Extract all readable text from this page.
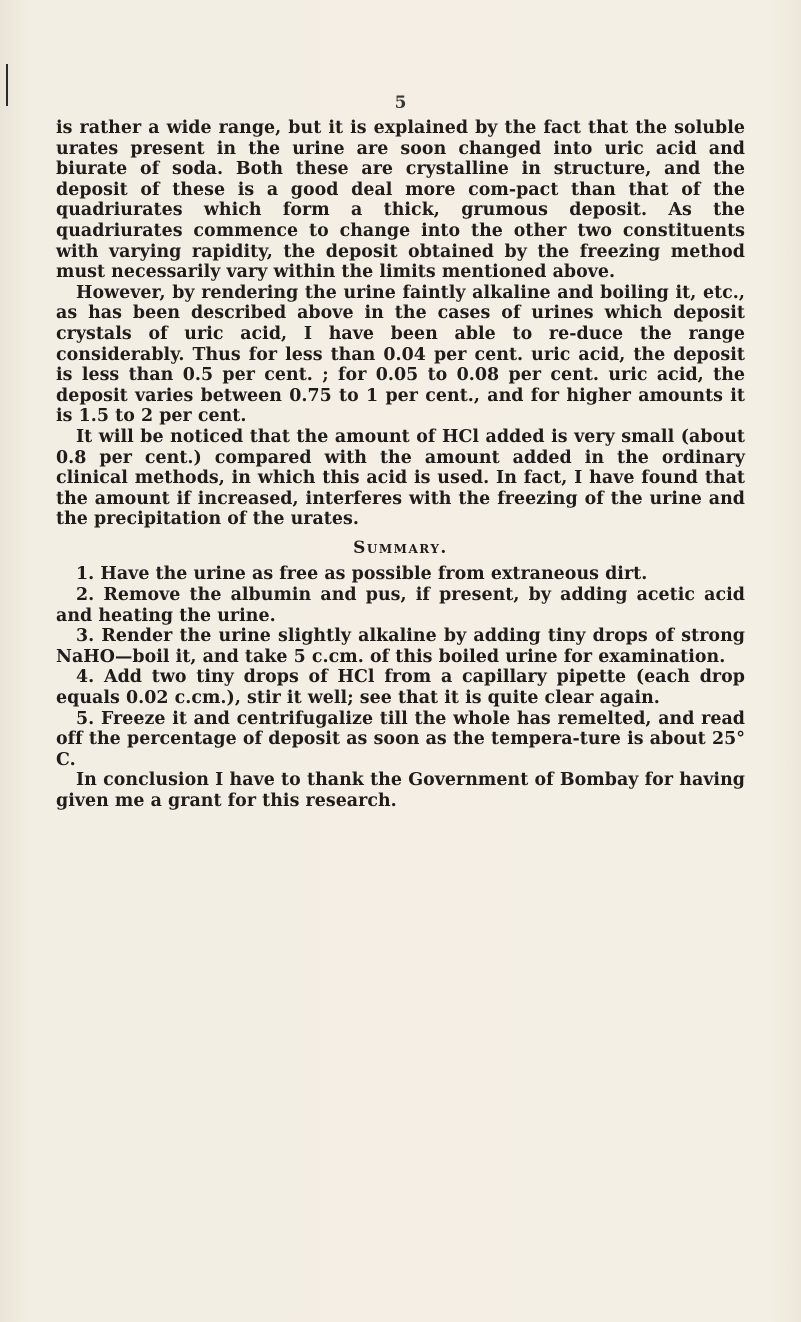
5

is rather a wide range, but it is explained by the fact that the soluble urates present in the urine are soon changed into uric acid and biurate of soda. Both these are crystalline in structure, and the deposit of these is a good deal more com-pact than that of the quadriurates which form a thick, grumous deposit. As the quadriurates commence to change into the other two constituents with varying rapidity, the deposit obtained by the freezing method must necessarily vary within the limits mentioned above.

However, by rendering the urine faintly alkaline and boiling it, etc., as has been described above in the cases of urines which deposit crystals of uric acid, I have been able to re-duce the range considerably. Thus for less than 0.04 per cent. uric acid, the deposit is less than 0.5 per cent. ; for 0.05 to 0.08 per cent. uric acid, the deposit varies between 0.75 to 1 per cent., and for higher amounts it is 1.5 to 2 per cent.

It will be noticed that the amount of HCl added is very small (about 0.8 per cent.) compared with the amount added in the ordinary clinical methods, in which this acid is used. In fact, I have found that the amount if increased, interferes with the freezing of the urine and the precipitation of the urates.

Summary.

1. Have the urine as free as possible from extraneous dirt.

2. Remove the albumin and pus, if present, by adding acetic acid and heating the urine.

3. Render the urine slightly alkaline by adding tiny drops of strong NaHO—boil it, and take 5 c.cm. of this boiled urine for examination.

4. Add two tiny drops of HCl from a capillary pipette (each drop equals 0.02 c.cm.), stir it well; see that it is quite clear again.

5. Freeze it and centrifugalize till the whole has remelted, and read off the percentage of deposit as soon as the tempera-ture is about 25° C.

In conclusion I have to thank the Government of Bombay for having given me a grant for this research.
